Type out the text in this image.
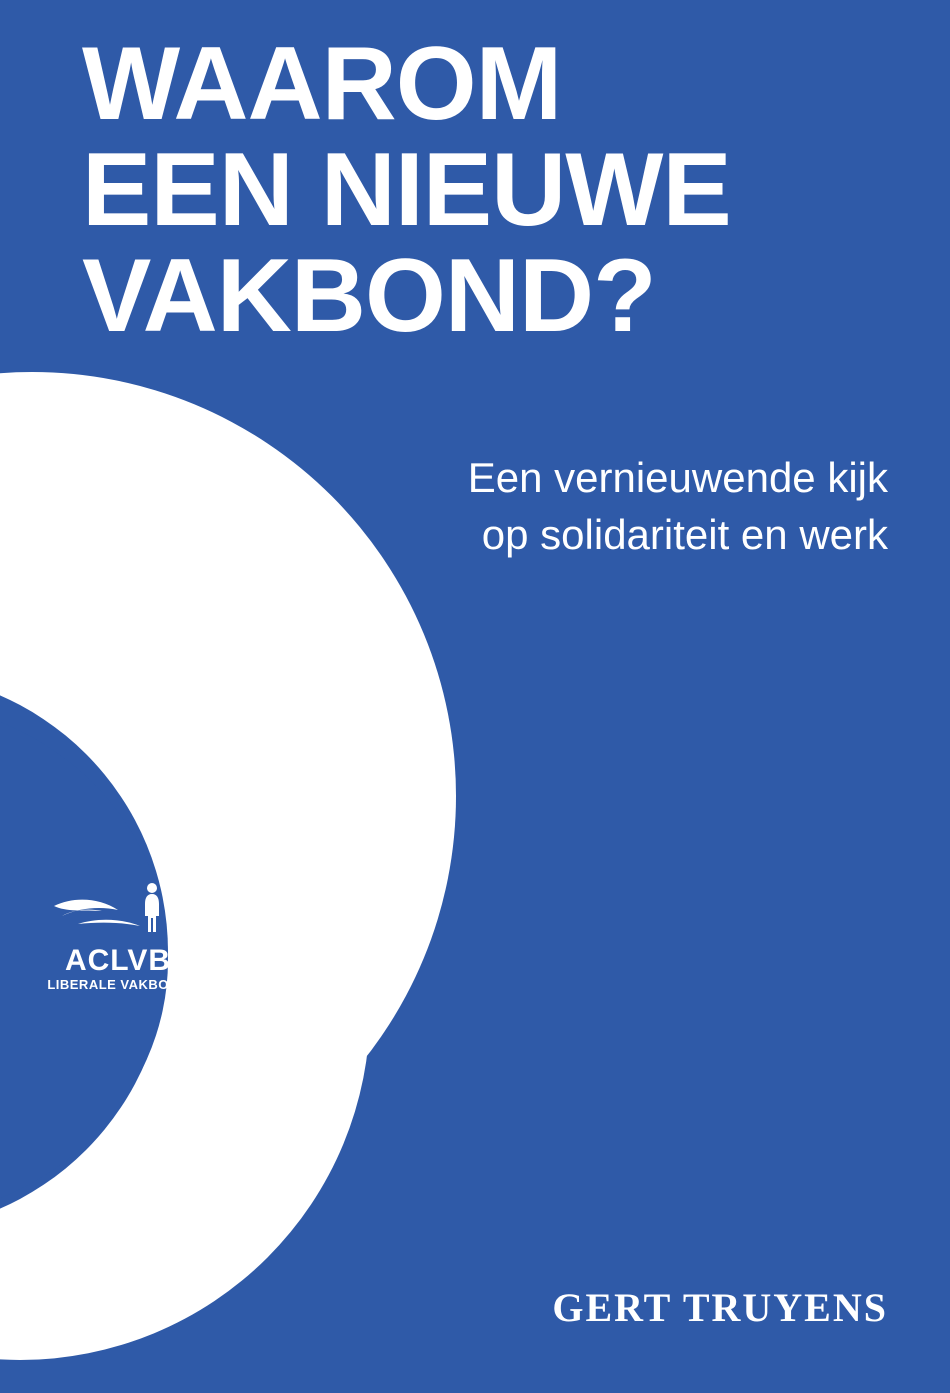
WAAROM
EEN NIEUWE
VAKBOND?
Een vernieuwende kijk
op solidariteit en werk
ACLVB
LIBERALE VAKBOND
GERT TRUYENS
